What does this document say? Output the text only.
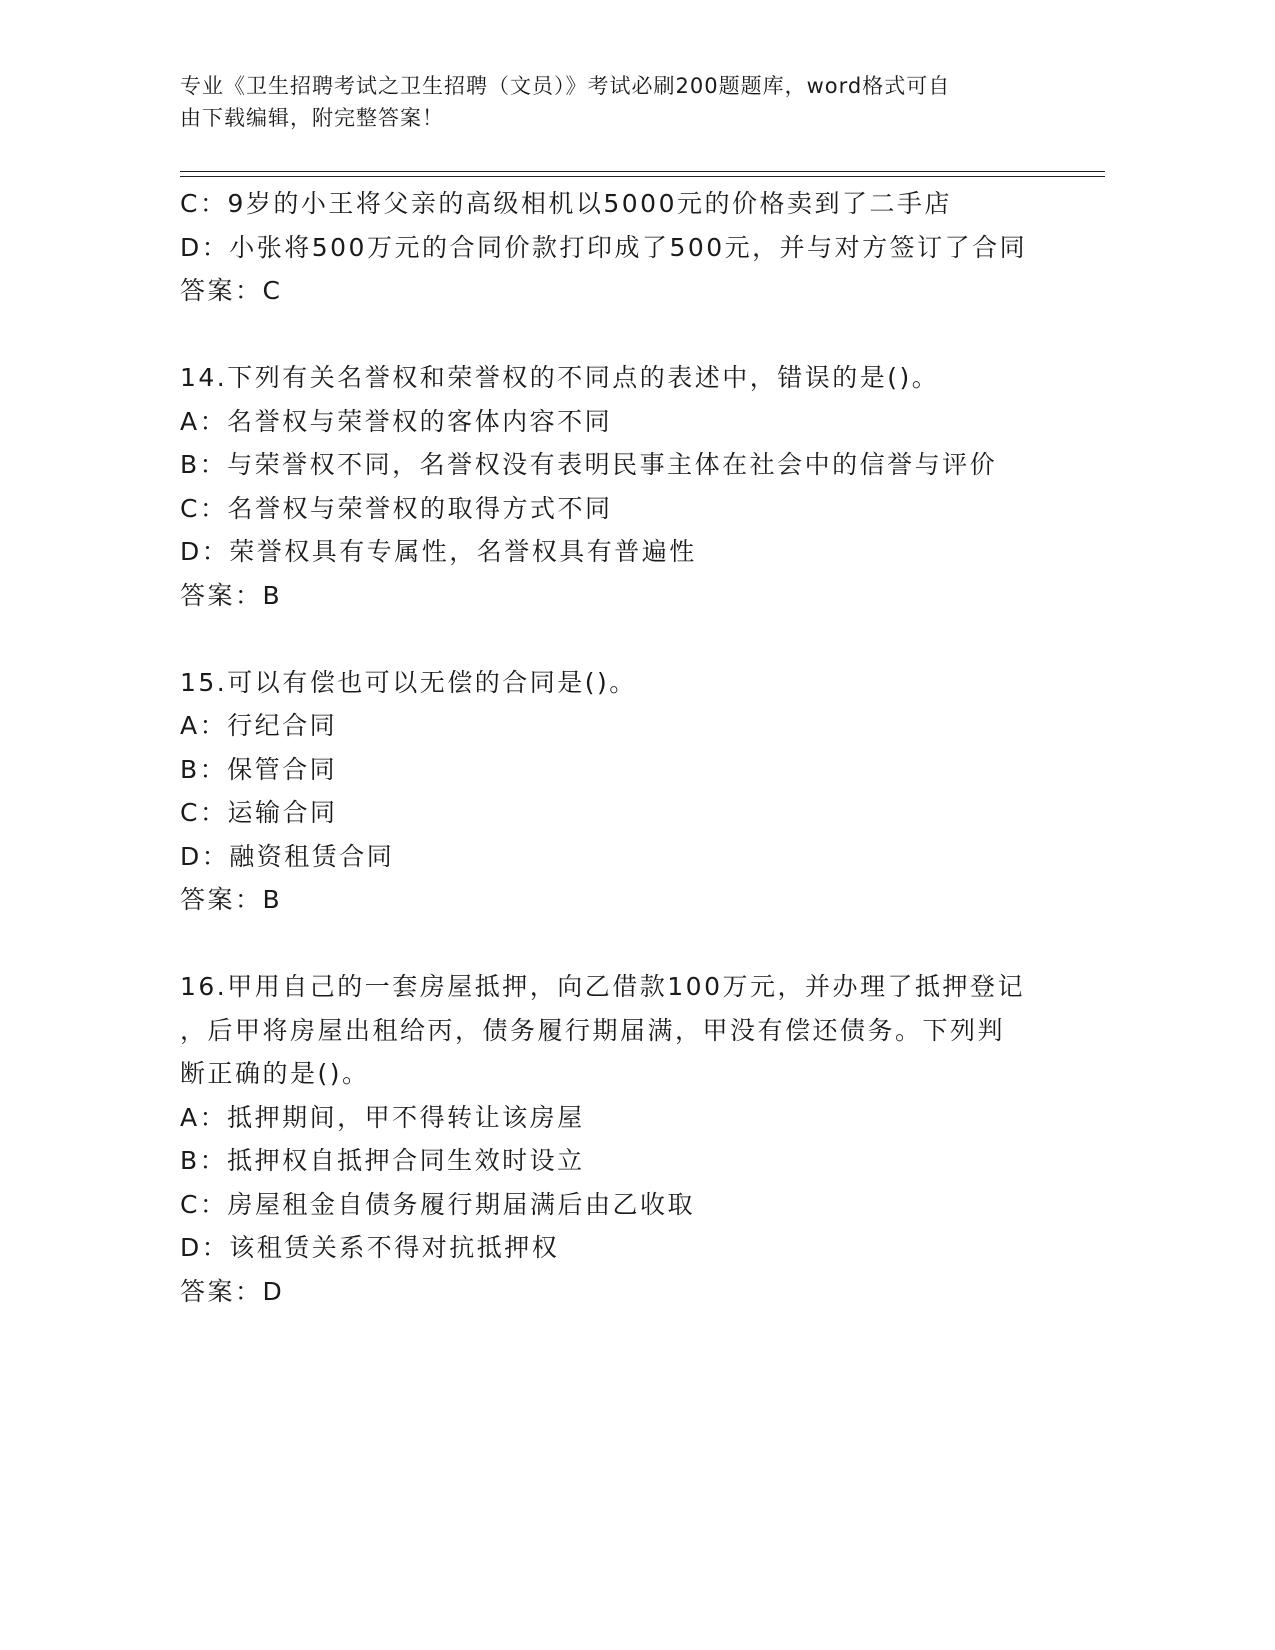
专业《卫生招聘考试之卫生招聘（文员）》考试必刷200题题库，word格式可自
由下载编辑，附完整答案！
C：9岁的小王将父亲的高级相机以5000元的价格卖到了二手店
D：小张将500万元的合同价款打印成了500元，并与对方签订了合同
答案：C
14.下列有关名誉权和荣誉权的不同点的表述中，错误的是()。
A：名誉权与荣誉权的客体内容不同
B：与荣誉权不同，名誉权没有表明民事主体在社会中的信誉与评价
C：名誉权与荣誉权的取得方式不同
D：荣誉权具有专属性，名誉权具有普遍性
答案：B
15.可以有偿也可以无偿的合同是()。
A：行纪合同
B：保管合同
C：运输合同
D：融资租赁合同
答案：B
16.甲用自己的一套房屋抵押，向乙借款100万元，并办理了抵押登记
，后甲将房屋出租给丙，债务履行期届满，甲没有偿还债务。下列判
断正确的是()。
A：抵押期间，甲不得转让该房屋
B：抵押权自抵押合同生效时设立
C：房屋租金自债务履行期届满后由乙收取
D：该租赁关系不得对抗抵押权
答案：D
